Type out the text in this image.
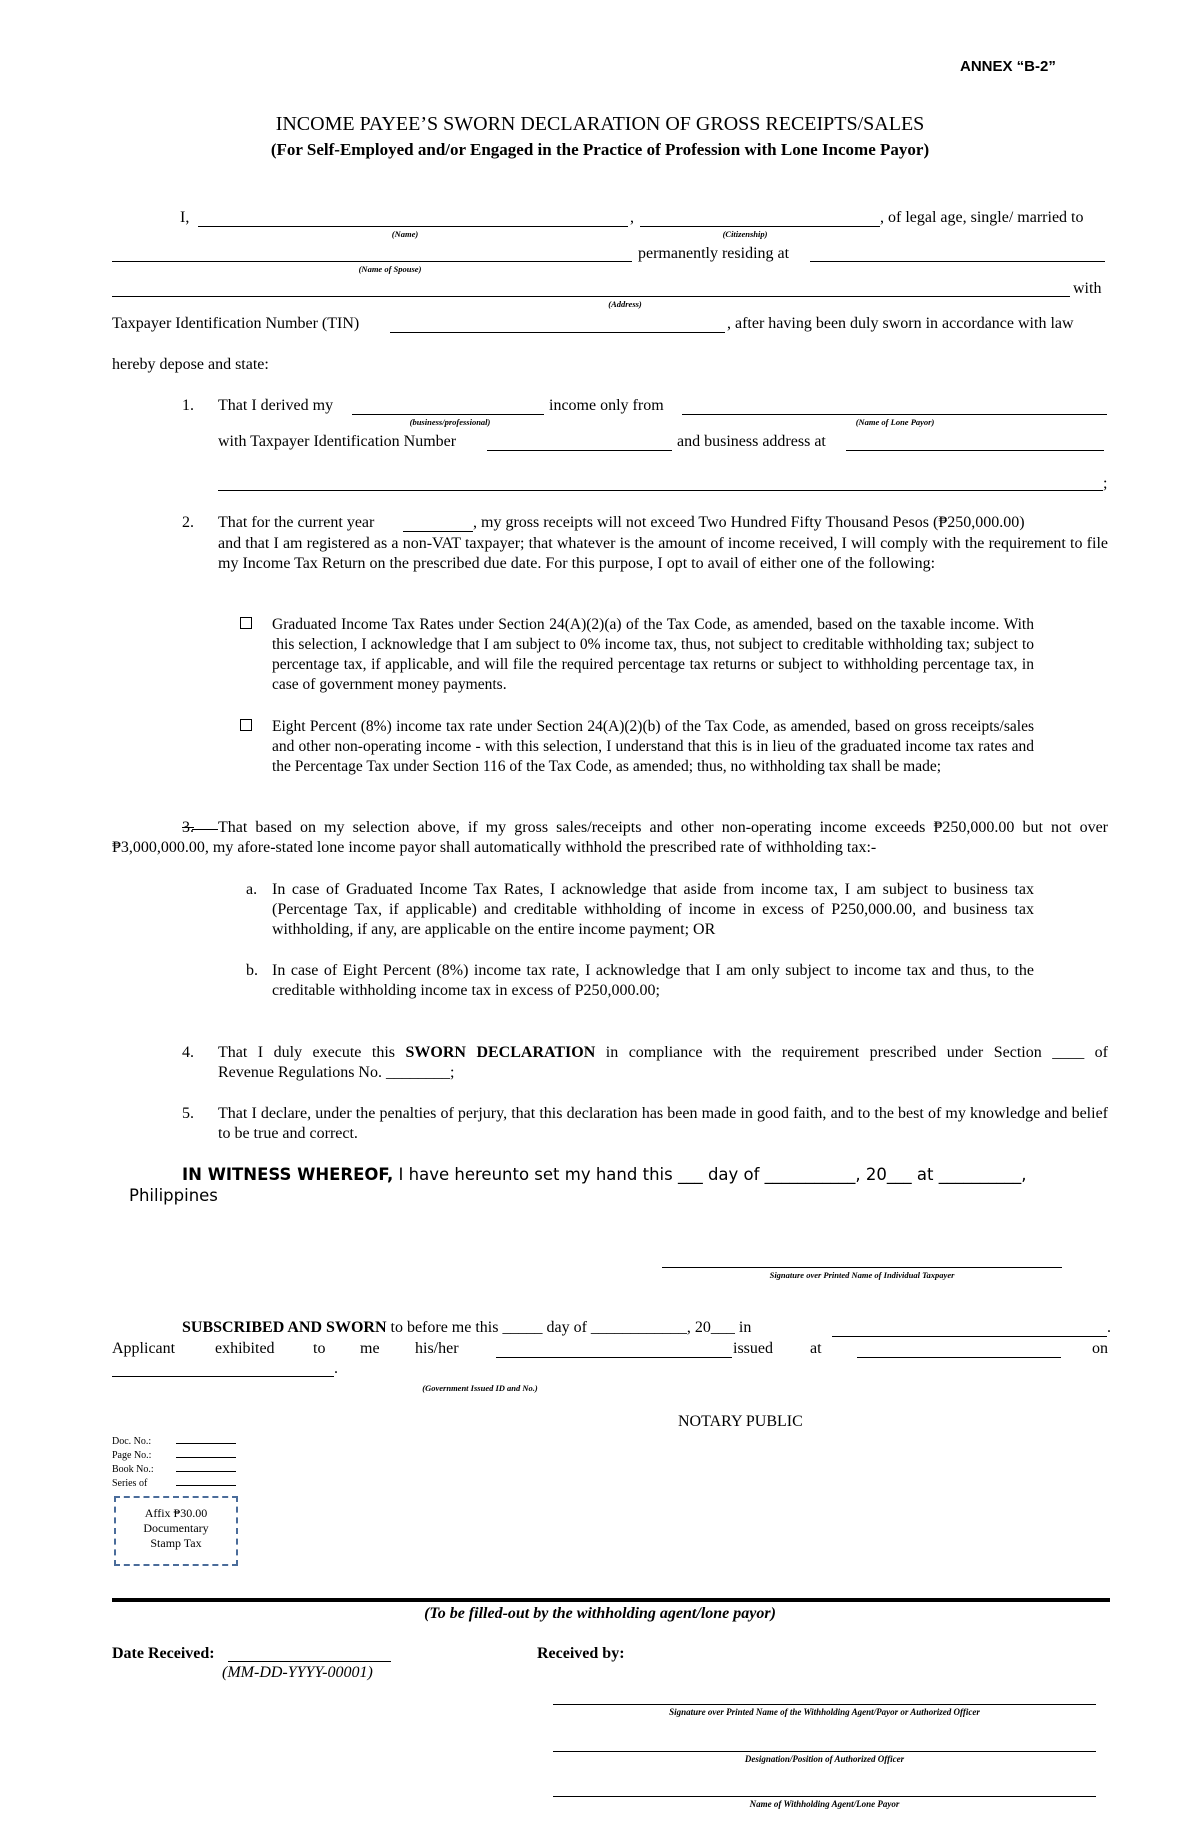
ANNEX “B-2”
INCOME PAYEE’S SWORN DECLARATION OF GROSS RECEIPTS/SALES
(For Self-Employed and/or Engaged in the Practice of Profession with Lone Income Payor)
I,	,	, of legal age, single/ married to
(Name)	(Citizenship)
permanently residing at
(Name of Spouse)
with
(Address)
Taxpayer Identification Number (TIN)	, after having been duly sworn in accordance with law
hereby depose and state:
1. That I derived my	income only from
(business/professional)	(Name of Lone Payor)
with Taxpayer Identification Number	and business address at
;
2. That for the current year	, my gross receipts will not exceed Two Hundred Fifty Thousand Pesos (₱250,000.00)
and that I am registered as a non-VAT taxpayer; that whatever is the amount of income received, I will comply with the requirement to file my Income Tax Return on the prescribed due date. For this purpose, I opt to avail of either one of the following:
Graduated Income Tax Rates under Section 24(A)(2)(a) of the Tax Code, as amended, based on the taxable income. With this selection, I acknowledge that I am subject to 0% income tax, thus, not subject to creditable withholding tax; subject to percentage tax, if applicable, and will file the required percentage tax returns or subject to withholding percentage tax, in case of government money payments.
Eight Percent (8%) income tax rate under Section 24(A)(2)(b) of the Tax Code, as amended, based on gross receipts/sales and other non-operating income - with this selection, I understand that this is in lieu of the graduated income tax rates and the Percentage Tax under Section 116 of the Tax Code, as amended; thus, no withholding tax shall be made;
3.	That based on my selection above, if my gross sales/receipts and other non-operating income exceeds ₱250,000.00 but not over ₱3,000,000.00, my afore-stated lone income payor shall automatically withhold the prescribed rate of withholding tax:-
a. In case of Graduated Income Tax Rates, I acknowledge that aside from income tax, I am subject to business tax (Percentage Tax, if applicable) and creditable withholding of income in excess of P250,000.00, and business tax withholding, if any, are applicable on the entire income payment; OR
b. In case of Eight Percent (8%) income tax rate, I acknowledge that I am only subject to income tax and thus, to the creditable withholding income tax in excess of P250,000.00;
4. That I duly execute this SWORN DECLARATION in compliance with the requirement prescribed under Section ____ of
Revenue Regulations No. ________;
5. That I declare, under the penalties of perjury, that this declaration has been made in good faith, and to the best of my knowledge and belief to be true and correct.
IN WITNESS WHEREOF, I have hereunto set my hand this ___ day of ___________, 20___ at __________,
Philippines
Signature over Printed Name of Individual Taxpayer
SUBSCRIBED AND SWORN to before me this _____ day of ____________, 20___ in	.
Applicant exhibited to me his/her	issued at	on
.
(Government Issued ID and No.)
NOTARY PUBLIC
Doc. No.:
Page No.:
Book No.:
Series of
Affix ₱30.00
Documentary
Stamp Tax
(To be filled-out by the withholding agent/lone payor)
Date Received:
(MM-DD-YYYY-00001)
Received by:
Signature over Printed Name of the Withholding Agent/Payor or Authorized Officer
Designation/Position of Authorized Officer
Name of Withholding Agent/Lone Payor
